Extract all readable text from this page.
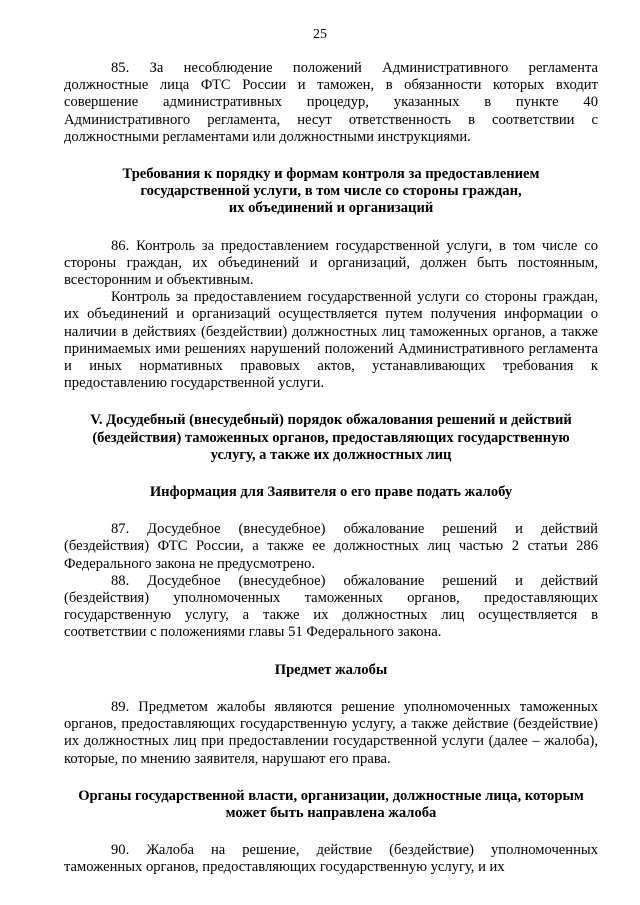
25

85. За несоблюдение положений Административного регламента должностные лица ФТС России и таможен, в обязанности которых входит совершение административных процедур, указанных в пункте 40 Административного регламента, несут ответственность в соответствии с должностными регламентами или должностными инструкциями.

Требования к порядку и формам контроля за предоставлением
государственной услуги, в том числе со стороны граждан,
их объединений и организаций

86. Контроль за предоставлением государственной услуги, в том числе со стороны граждан, их объединений и организаций, должен быть постоянным, всесторонним и объективным.

Контроль за предоставлением государственной услуги со стороны граждан, их объединений и организаций осуществляется путем получения информации о наличии в действиях (бездействии) должностных лиц таможенных органов, а также принимаемых ими решениях нарушений положений Административного регламента и иных нормативных правовых актов, устанавливающих требования к предоставлению государственной услуги.

V. Досудебный (внесудебный) порядок обжалования решений и действий
(бездействия) таможенных органов, предоставляющих государственную
услугу, а также их должностных лиц

Информация для Заявителя о его праве подать жалобу

87. Досудебное (внесудебное) обжалование решений и действий (бездействия) ФТС России, а также ее должностных лиц частью 2 статьи 286 Федерального закона не предусмотрено.

88. Досудебное (внесудебное) обжалование решений и действий (бездействия) уполномоченных таможенных органов, предоставляющих государственную услугу, а также их должностных лиц осуществляется в соответствии с положениями главы 51 Федерального закона.

Предмет жалобы

89. Предметом жалобы являются решение уполномоченных таможенных органов, предоставляющих государственную услугу, а также действие (бездействие) их должностных лиц при предоставлении государственной услуги (далее – жалоба), которые, по мнению заявителя, нарушают его права.

Органы государственной власти, организации, должностные лица, которым
может быть направлена жалоба

90. Жалоба на решение, действие (бездействие) уполномоченных таможенных органов, предоставляющих государственную услугу, и их
